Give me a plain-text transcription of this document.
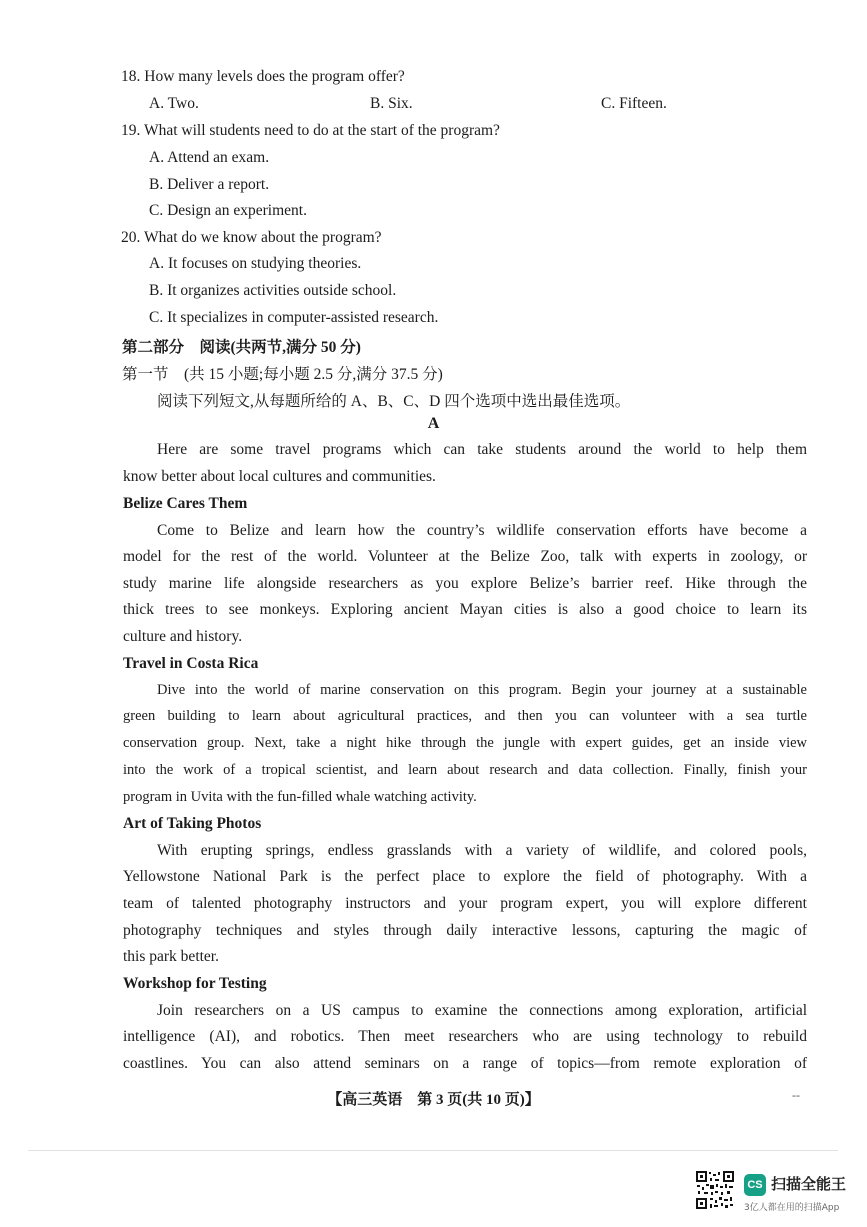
18. How many levels does the program offer?
A. Two.	B. Six.	C. Fifteen.
19. What will students need to do at the start of the program?
A. Attend an exam.
B. Deliver a report.
C. Design an experiment.
20. What do we know about the program?
A. It focuses on studying theories.
B. It organizes activities outside school.
C. It specializes in computer-assisted research.
第二部分　阅读(共两节,满分 50 分)
第一节　(共 15 小题;每小题 2.5 分,满分 37.5 分)
阅读下列短文,从每题所给的 A、B、C、D 四个选项中选出最佳选项。
A
Here are some travel programs which can take students around the world to help them
know better about local cultures and communities.
Belize Cares Them
Come to Belize and learn how the country’s wildlife conservation efforts have become a
model for the rest of the world. Volunteer at the Belize Zoo, talk with experts in zoology, or
study marine life alongside researchers as you explore Belize’s barrier reef. Hike through the
thick trees to see monkeys. Exploring ancient Mayan cities is also a good choice to learn its
culture and history.
Travel in Costa Rica
Dive into the world of marine conservation on this program. Begin your journey at a sustainable
green building to learn about agricultural practices, and then you can volunteer with a sea turtle
conservation group. Next, take a night hike through the jungle with expert guides, get an inside view
into the work of a tropical scientist, and learn about research and data collection. Finally, finish your
program in Uvita with the fun-filled whale watching activity.
Art of Taking Photos
With erupting springs, endless grasslands with a variety of wildlife, and colored pools,
Yellowstone National Park is the perfect place to explore the field of photography. With a
team of talented photography instructors and your program expert, you will explore different
photography techniques and styles through daily interactive lessons, capturing the magic of
this park better.
Workshop for Testing
Join researchers on a US campus to examine the connections among exploration, artificial
intelligence (AI), and robotics. Then meet researchers who are using technology to rebuild
coastlines. You can also attend seminars on a range of topics—from remote exploration of
【高三英语　第 3 页(共 10 页)】	--
CS 扫描全能王
3亿人都在用的扫描App
